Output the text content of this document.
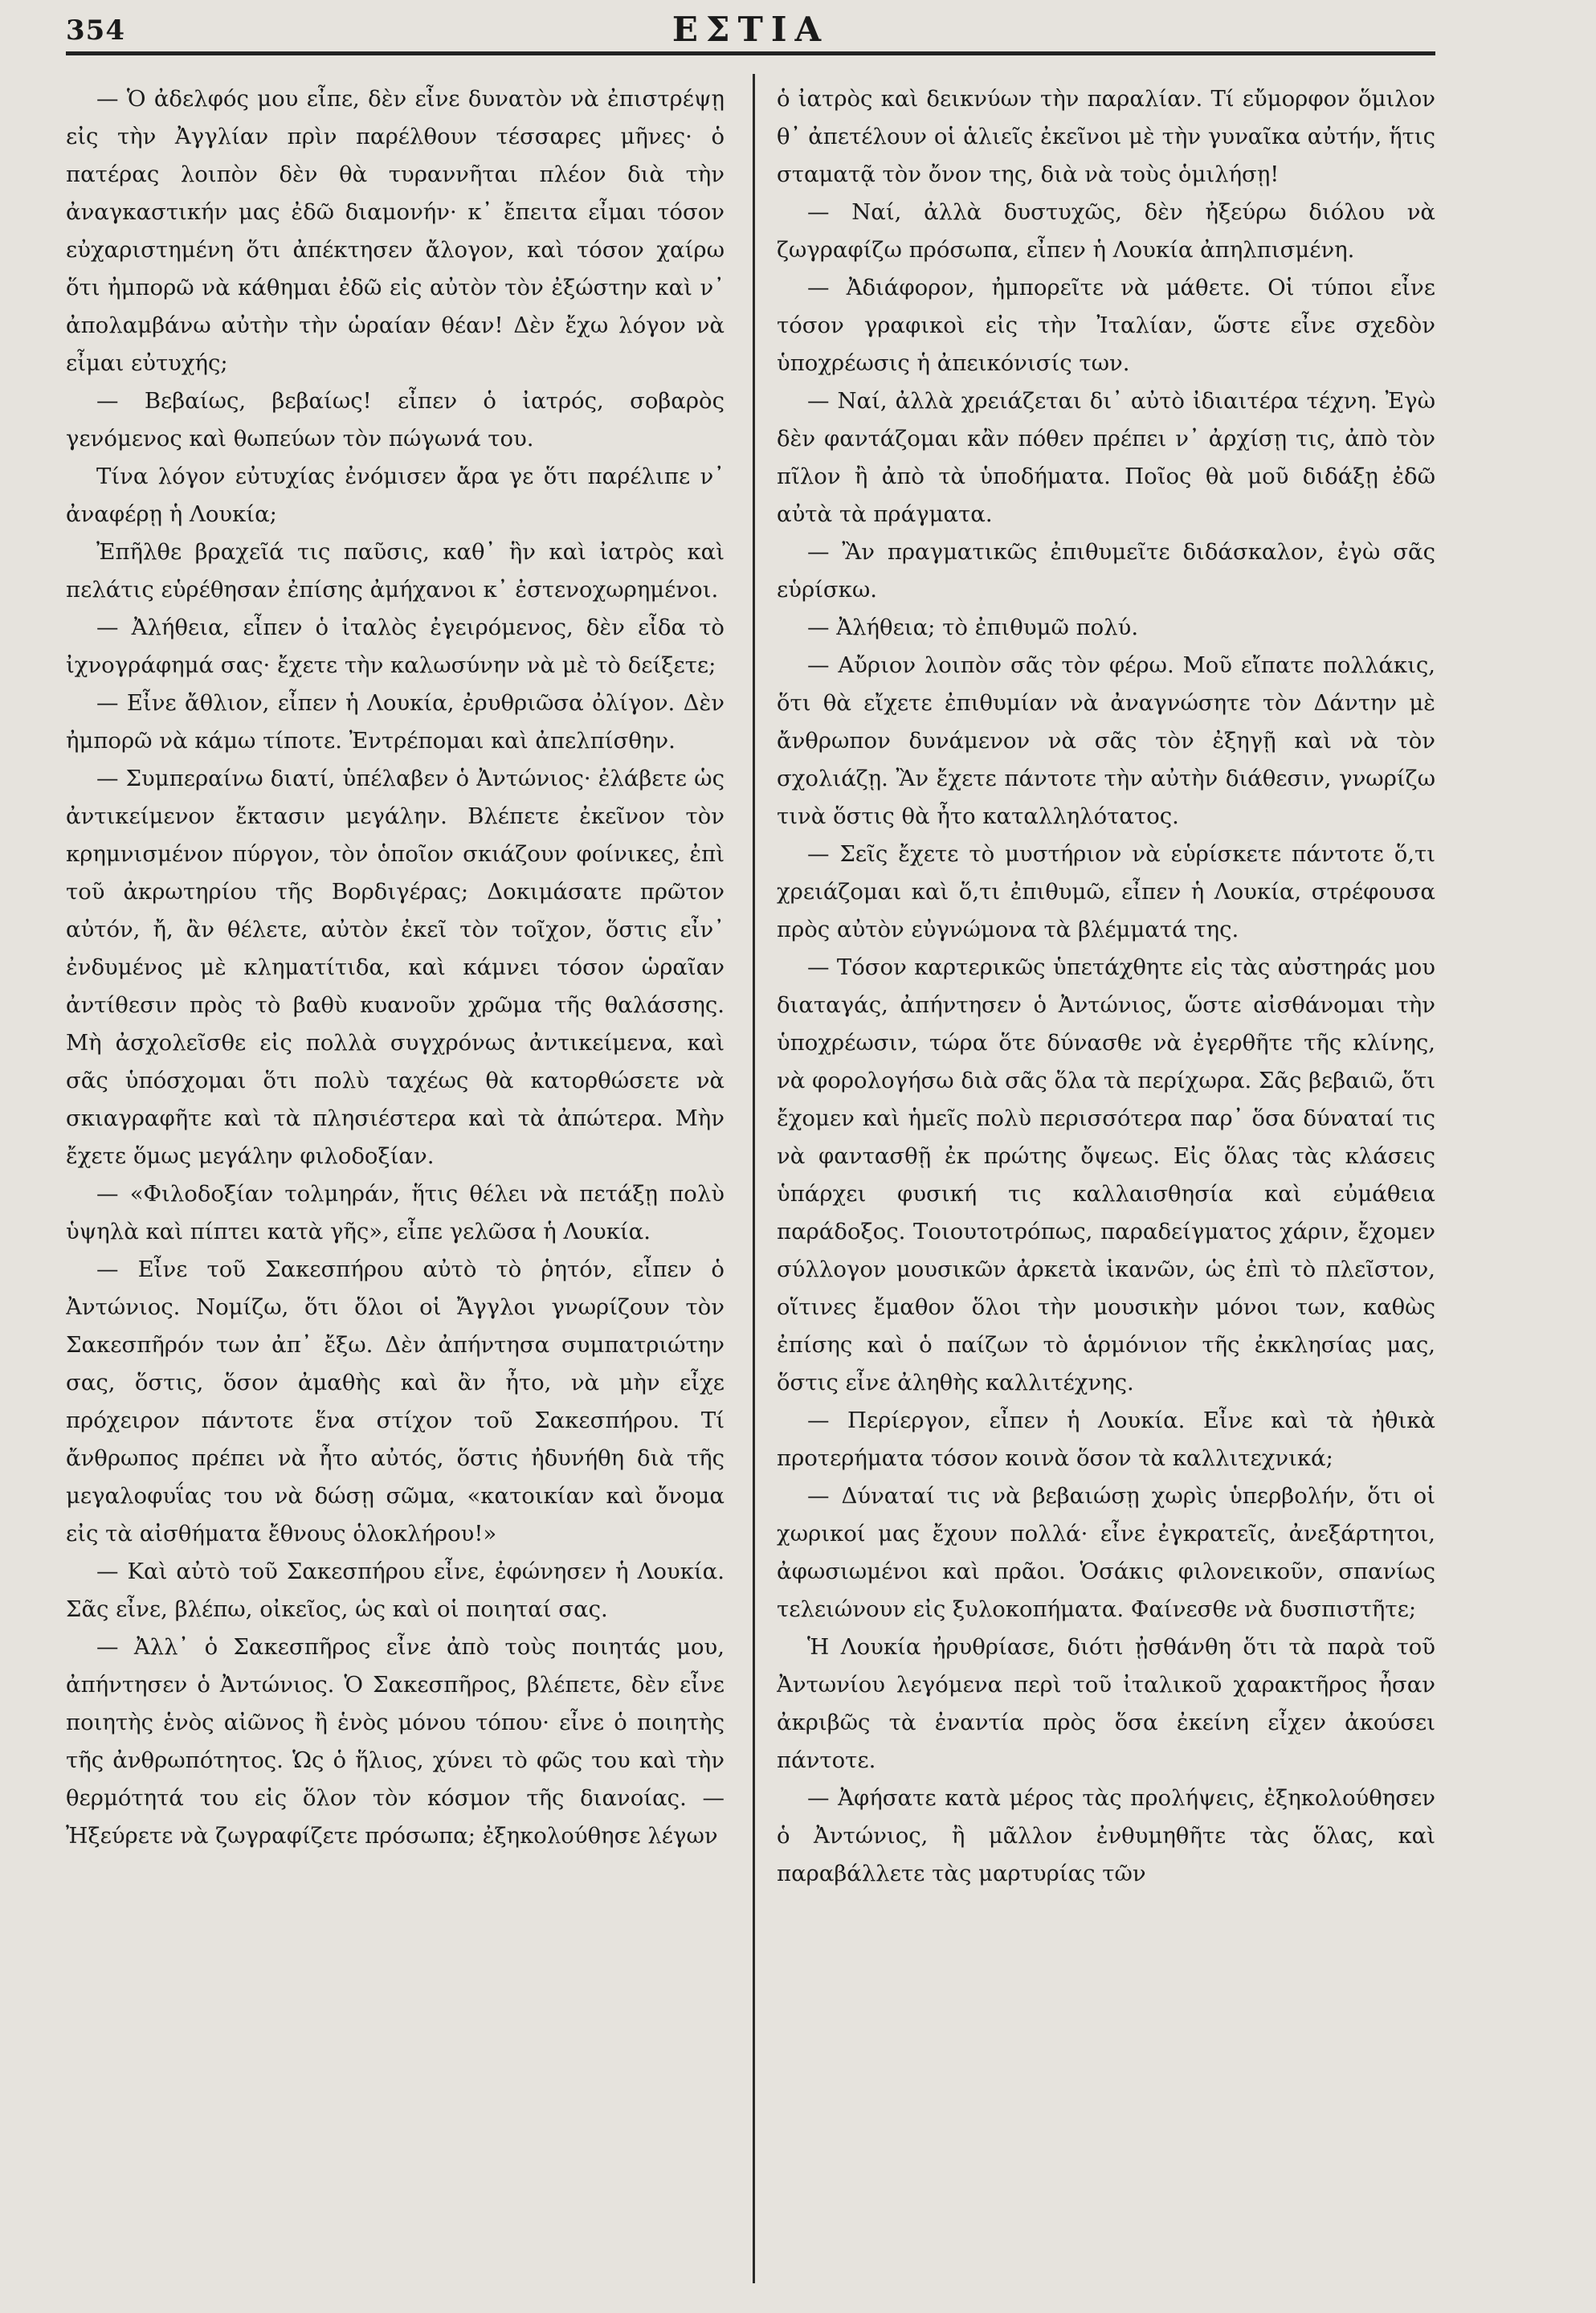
354	ΕΣΤΙΑ

— Ὁ ἀδελφός μου εἶπε, δὲν εἶνε δυνατὸν νὰ ἐπιστρέψῃ εἰς τὴν Ἀγγλίαν πρὶν παρέλθουν τέσσαρες μῆνες· ὁ πατέρας λοιπὸν δὲν θὰ τυραννῆται πλέον διὰ τὴν ἀναγκαστικήν μας ἐδῶ διαμονήν· κ᾿ ἔπειτα εἶμαι τόσον εὐχαριστημένη ὅτι ἀπέκτησεν ἄλογον, καὶ τόσον χαίρω ὅτι ἠμπορῶ νὰ κάθημαι ἐδῶ εἰς αὐτὸν τὸν ἐξώστην καὶ ν᾿ ἀπολαμβάνω αὐτὴν τὴν ὡραίαν θέαν! Δὲν ἔχω λόγον νὰ εἶμαι εὐτυχής;

— Βεβαίως, βεβαίως! εἶπεν ὁ ἰατρός, σοβαρὸς γενόμενος καὶ θωπεύων τὸν πώγωνά του.

Τίνα λόγον εὐτυχίας ἐνόμισεν ἄρα γε ὅτι παρέλιπε ν᾿ ἀναφέρῃ ἡ Λουκία;

Ἐπῆλθε βραχεῖά τις παῦσις, καθ᾿ ἣν καὶ ἰατρὸς καὶ πελάτις εὑρέθησαν ἐπίσης ἀμήχανοι κ᾿ ἐστενοχωρημένοι.

— Ἀλήθεια, εἶπεν ὁ ἰταλὸς ἐγειρόμενος, δὲν εἶδα τὸ ἰχνογράφημά σας· ἔχετε τὴν καλωσύνην νὰ μὲ τὸ δείξετε;

— Εἶνε ἄθλιον, εἶπεν ἡ Λουκία, ἐρυθριῶσα ὀλίγον. Δὲν ἠμπορῶ νὰ κάμω τίποτε. Ἐντρέπομαι καὶ ἀπελπίσθην.

— Συμπεραίνω διατί, ὑπέλαβεν ὁ Ἀντώνιος· ἐλάβετε ὡς ἀντικείμενον ἔκτασιν μεγάλην. Βλέπετε ἐκεῖνον τὸν κρημνισμένον πύργον, τὸν ὁποῖον σκιάζουν φοίνικες, ἐπὶ τοῦ ἀκρωτηρίου τῆς Βορδιγέρας; Δοκιμάσατε πρῶτον αὐτόν, ἤ, ἂν θέλετε, αὐτὸν ἐκεῖ τὸν τοῖχον, ὅστις εἶν᾿ ἐνδυμένος μὲ κληματίτιδα, καὶ κάμνει τόσον ὡραῖαν ἀντίθεσιν πρὸς τὸ βαθὺ κυανοῦν χρῶμα τῆς θαλάσσης. Μὴ ἀσχολεῖσθε εἰς πολλὰ συγχρόνως ἀντικείμενα, καὶ σᾶς ὑπόσχομαι ὅτι πολὺ ταχέως θὰ κατορθώσετε νὰ σκιαγραφῆτε καὶ τὰ πλησιέστερα καὶ τὰ ἀπώτερα. Μὴν ἔχετε ὅμως μεγάλην φιλοδοξίαν.

— «Φιλοδοξίαν τολμηράν, ἥτις θέλει νὰ πετάξῃ πολὺ ὑψηλὰ καὶ πίπτει κατὰ γῆς», εἶπε γελῶσα ἡ Λουκία.

— Εἶνε τοῦ Σακεσπήρου αὐτὸ τὸ ῥητόν, εἶπεν ὁ Ἀντώνιος. Νομίζω, ὅτι ὅλοι οἱ Ἄγγλοι γνωρίζουν τὸν Σακεσπῆρόν των ἀπ᾿ ἔξω. Δὲν ἀπήντησα συμπατριώτην σας, ὅστις, ὅσον ἀμαθὴς καὶ ἂν ἦτο, νὰ μὴν εἶχε πρόχειρον πάντοτε ἕνα στίχον τοῦ Σακεσπήρου. Τί ἄνθρωπος πρέπει νὰ ἦτο αὐτός, ὅστις ἠδυνήθη διὰ τῆς μεγαλοφυΐας του νὰ δώσῃ σῶμα, «κατοικίαν καὶ ὄνομα εἰς τὰ αἰσθήματα ἔθνους ὁλοκλήρου!»

— Καὶ αὐτὸ τοῦ Σακεσπήρου εἶνε, ἐφώνησεν ἡ Λουκία. Σᾶς εἶνε, βλέπω, οἰκεῖος, ὡς καὶ οἱ ποιηταί σας.

— Ἀλλ᾿ ὁ Σακεσπῆρος εἶνε ἀπὸ τοὺς ποιητάς μου, ἀπήντησεν ὁ Ἀντώνιος. Ὁ Σακεσπῆρος, βλέπετε, δὲν εἶνε ποιητὴς ἑνὸς αἰῶνος ἢ ἑνὸς μόνου τόπου· εἶνε ὁ ποιητὴς τῆς ἀνθρωπότητος. Ὡς ὁ ἥλιος, χύνει τὸ φῶς του καὶ τὴν θερμότητά του εἰς ὅλον τὸν κόσμον τῆς διανοίας. — Ἠξεύρετε νὰ ζωγραφίζετε πρόσωπα; ἐξηκολούθησε λέγων

ὁ ἰατρὸς καὶ δεικνύων τὴν παραλίαν. Τί εὔμορφον ὅμιλον θ᾿ ἀπετέλουν οἱ ἁλιεῖς ἐκεῖνοι μὲ τὴν γυναῖκα αὐτήν, ἥτις σταματᾷ τὸν ὄνον της, διὰ νὰ τοὺς ὁμιλήσῃ!

— Ναί, ἀλλὰ δυστυχῶς, δὲν ἠξεύρω διόλου νὰ ζωγραφίζω πρόσωπα, εἶπεν ἡ Λουκία ἀπηλπισμένη.

— Ἀδιάφορον, ἠμπορεῖτε νὰ μάθετε. Οἱ τύποι εἶνε τόσον γραφικοὶ εἰς τὴν Ἰταλίαν, ὥστε εἶνε σχεδὸν ὑποχρέωσις ἡ ἀπεικόνισίς των.

— Ναί, ἀλλὰ χρειάζεται δι᾿ αὐτὸ ἰδιαιτέρα τέχνη. Ἐγὼ δὲν φαντάζομαι κἂν πόθεν πρέπει ν᾿ ἀρχίσῃ τις, ἀπὸ τὸν πῖλον ἢ ἀπὸ τὰ ὑποδήματα. Ποῖος θὰ μοῦ διδάξῃ ἐδῶ αὐτὰ τὰ πράγματα.

— Ἂν πραγματικῶς ἐπιθυμεῖτε διδάσκαλον, ἐγὼ σᾶς εὑρίσκω.

— Ἀλήθεια; τὸ ἐπιθυμῶ πολύ.

— Αὔριον λοιπὸν σᾶς τὸν φέρω. Μοῦ εἴπατε πολλάκις, ὅτι θὰ εἴχετε ἐπιθυμίαν νὰ ἀναγνώσητε τὸν Δάντην μὲ ἄνθρωπον δυνάμενον νὰ σᾶς τὸν ἐξηγῇ καὶ νὰ τὸν σχολιάζῃ. Ἂν ἔχετε πάντοτε τὴν αὐτὴν διάθεσιν, γνωρίζω τινὰ ὅστις θὰ ἦτο καταλληλότατος.

— Σεῖς ἔχετε τὸ μυστήριον νὰ εὑρίσκετε πάντοτε ὅ,τι χρειάζομαι καὶ ὅ,τι ἐπιθυμῶ, εἶπεν ἡ Λουκία, στρέφουσα πρὸς αὐτὸν εὐγνώμονα τὰ βλέμματά της.

— Τόσον καρτερικῶς ὑπετάχθητε εἰς τὰς αὐστηράς μου διαταγάς, ἀπήντησεν ὁ Ἀντώνιος, ὥστε αἰσθάνομαι τὴν ὑποχρέωσιν, τώρα ὅτε δύνασθε νὰ ἐγερθῆτε τῆς κλίνης, νὰ φορολογήσω διὰ σᾶς ὅλα τὰ περίχωρα. Σᾶς βεβαιῶ, ὅτι ἔχομεν καὶ ἡμεῖς πολὺ περισσότερα παρ᾿ ὅσα δύναταί τις νὰ φαντασθῇ ἐκ πρώτης ὄψεως. Εἰς ὅλας τὰς κλάσεις ὑπάρχει φυσική τις καλλαισθησία καὶ εὐμάθεια παράδοξος. Τοιουτοτρόπως, παραδείγματος χάριν, ἔχομεν σύλλογον μουσικῶν ἀρκετὰ ἱκανῶν, ὡς ἐπὶ τὸ πλεῖστον, οἵτινες ἔμαθον ὅλοι τὴν μουσικὴν μόνοι των, καθὼς ἐπίσης καὶ ὁ παίζων τὸ ἁρμόνιον τῆς ἐκκλησίας μας, ὅστις εἶνε ἀληθὴς καλλιτέχνης.

— Περίεργον, εἶπεν ἡ Λουκία. Εἶνε καὶ τὰ ἠθικὰ προτερήματα τόσον κοινὰ ὅσον τὰ καλλιτεχνικά;

— Δύναταί τις νὰ βεβαιώσῃ χωρὶς ὑπερβολήν, ὅτι οἱ χωρικοί μας ἔχουν πολλά· εἶνε ἐγκρατεῖς, ἀνεξάρτητοι, ἀφωσιωμένοι καὶ πρᾶοι. Ὁσάκις φιλονεικοῦν, σπανίως τελειώνουν εἰς ξυλοκοπήματα. Φαίνεσθε νὰ δυσπιστῆτε;

Ἡ Λουκία ἠρυθρίασε, διότι ᾐσθάνθη ὅτι τὰ παρὰ τοῦ Ἀντωνίου λεγόμενα περὶ τοῦ ἰταλικοῦ χαρακτῆρος ἦσαν ἀκριβῶς τὰ ἐναντία πρὸς ὅσα ἐκείνη εἶχεν ἀκούσει πάντοτε.

— Ἀφήσατε κατὰ μέρος τὰς προλήψεις, ἐξηκολούθησεν ὁ Ἀντώνιος, ἢ μᾶλλον ἐνθυμηθῆτε τὰς ὅλας, καὶ παραβάλλετε τὰς μαρτυρίας τῶν
